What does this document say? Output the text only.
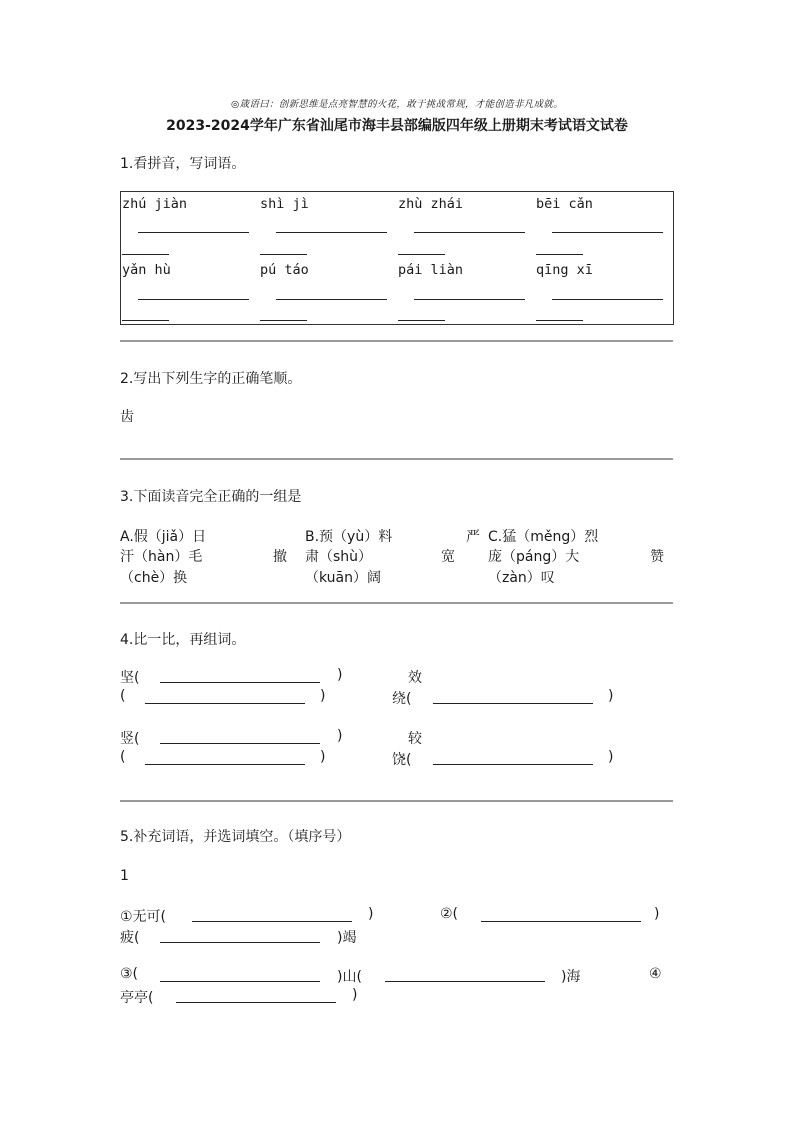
◎箴语曰：创新思维是点亮智慧的火花，敢于挑战常规，才能创造非凡成就。
2023-2024学年广东省汕尾市海丰县部编版四年级上册期末考试语文试卷
1.看拼音，写词语。
zhú jiàn	shì jì	zhù zhái	bēi cǎn
yǎn hù	pú táo	pái liàn	qīng xī
2.写出下列生字的正确笔顺。
齿
3.下面读音完全正确的一组是
A.假（jiǎ）日	B.预（yù）料	严 C.猛（měng）烈
汗（hàn）毛	撤 肃（shù）	宽 庞（páng）大	赞
（chè）换	（kuān）阔	（zàn）叹
4.比一比，再组词。
坚(	)	效
(	)	绕(	)
竖(	)	较
(	)	饶(	)
5.补充词语，并选词填空。（填序号）
1
①无可(	)	②(	)
疲(	)竭
③(	)山(	)海	④
亭亭(	)
